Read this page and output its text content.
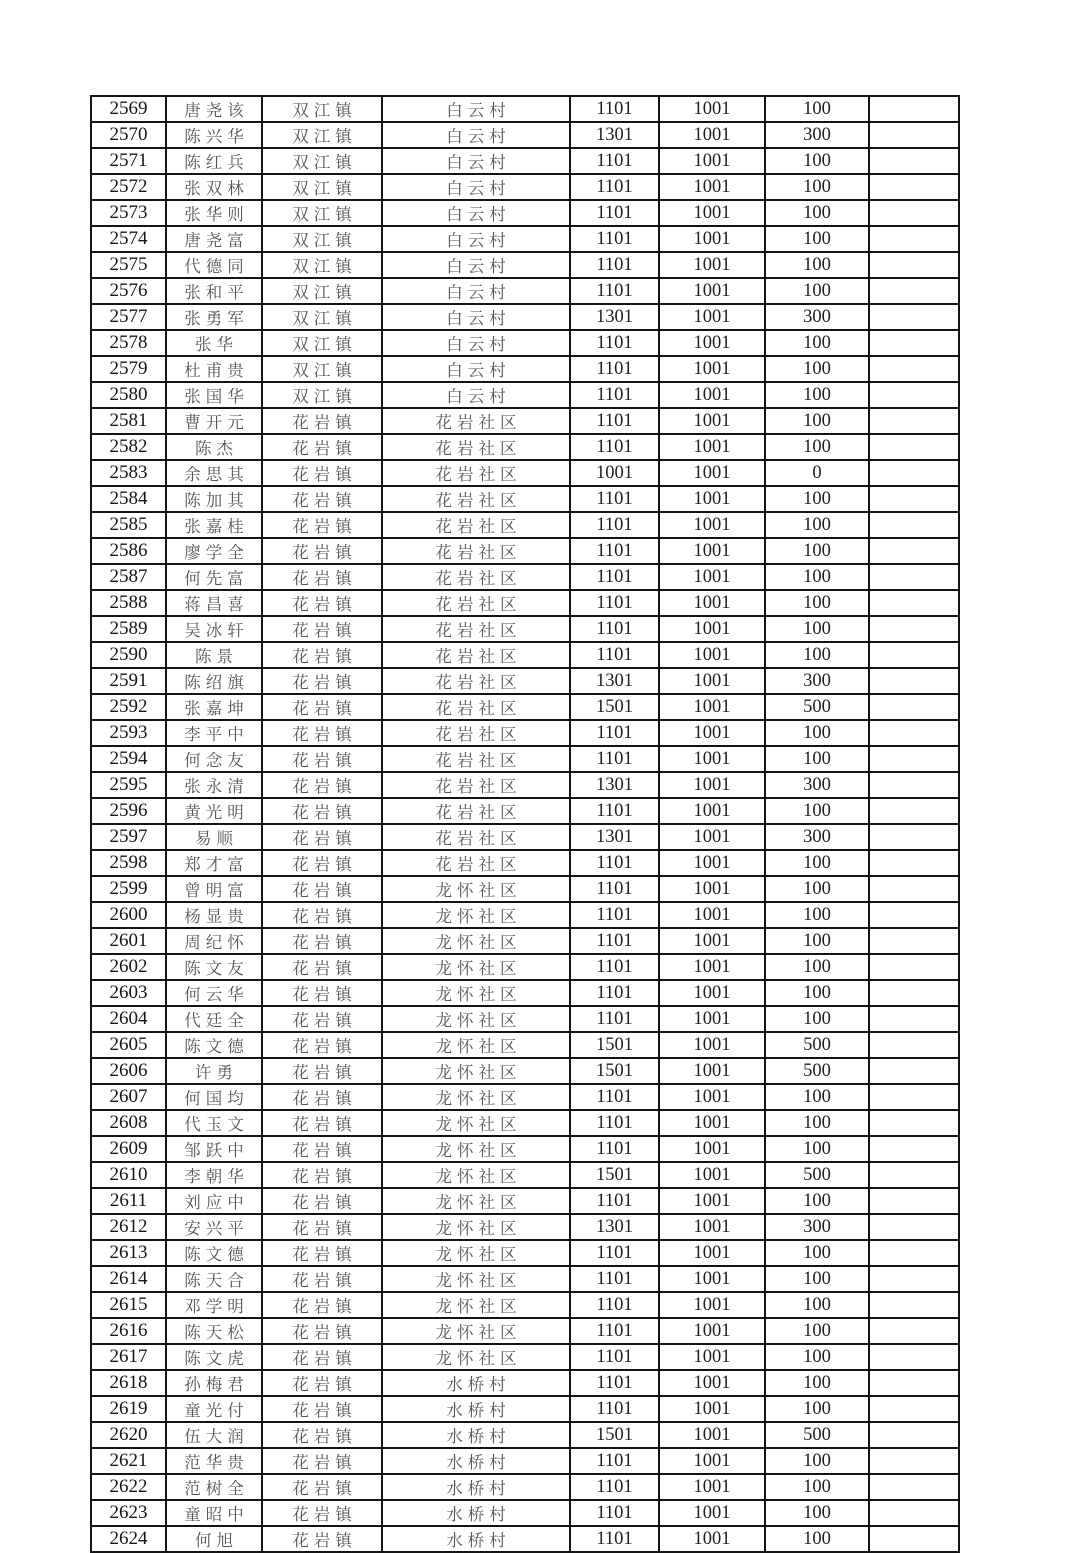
2569	唐尧该	双江镇	白云村	1101	1001	100	
2570	陈兴华	双江镇	白云村	1301	1001	300	
2571	陈红兵	双江镇	白云村	1101	1001	100	
2572	张双林	双江镇	白云村	1101	1001	100	
2573	张华则	双江镇	白云村	1101	1001	100	
2574	唐尧富	双江镇	白云村	1101	1001	100	
2575	代德同	双江镇	白云村	1101	1001	100	
2576	张和平	双江镇	白云村	1101	1001	100	
2577	张勇军	双江镇	白云村	1301	1001	300	
2578	张华	双江镇	白云村	1101	1001	100	
2579	杜甫贵	双江镇	白云村	1101	1001	100	
2580	张国华	双江镇	白云村	1101	1001	100	
2581	曹开元	花岩镇	花岩社区	1101	1001	100	
2582	陈杰	花岩镇	花岩社区	1101	1001	100	
2583	余思其	花岩镇	花岩社区	1001	1001	0	
2584	陈加其	花岩镇	花岩社区	1101	1001	100	
2585	张嘉桂	花岩镇	花岩社区	1101	1001	100	
2586	廖学全	花岩镇	花岩社区	1101	1001	100	
2587	何先富	花岩镇	花岩社区	1101	1001	100	
2588	蒋昌喜	花岩镇	花岩社区	1101	1001	100	
2589	吴冰轩	花岩镇	花岩社区	1101	1001	100	
2590	陈景	花岩镇	花岩社区	1101	1001	100	
2591	陈绍旗	花岩镇	花岩社区	1301	1001	300	
2592	张嘉坤	花岩镇	花岩社区	1501	1001	500	
2593	李平中	花岩镇	花岩社区	1101	1001	100	
2594	何念友	花岩镇	花岩社区	1101	1001	100	
2595	张永清	花岩镇	花岩社区	1301	1001	300	
2596	黄光明	花岩镇	花岩社区	1101	1001	100	
2597	易顺	花岩镇	花岩社区	1301	1001	300	
2598	郑才富	花岩镇	花岩社区	1101	1001	100	
2599	曾明富	花岩镇	龙怀社区	1101	1001	100	
2600	杨显贵	花岩镇	龙怀社区	1101	1001	100	
2601	周纪怀	花岩镇	龙怀社区	1101	1001	100	
2602	陈文友	花岩镇	龙怀社区	1101	1001	100	
2603	何云华	花岩镇	龙怀社区	1101	1001	100	
2604	代廷全	花岩镇	龙怀社区	1101	1001	100	
2605	陈文德	花岩镇	龙怀社区	1501	1001	500	
2606	许勇	花岩镇	龙怀社区	1501	1001	500	
2607	何国均	花岩镇	龙怀社区	1101	1001	100	
2608	代玉文	花岩镇	龙怀社区	1101	1001	100	
2609	邹跃中	花岩镇	龙怀社区	1101	1001	100	
2610	李朝华	花岩镇	龙怀社区	1501	1001	500	
2611	刘应中	花岩镇	龙怀社区	1101	1001	100	
2612	安兴平	花岩镇	龙怀社区	1301	1001	300	
2613	陈文德	花岩镇	龙怀社区	1101	1001	100	
2614	陈天合	花岩镇	龙怀社区	1101	1001	100	
2615	邓学明	花岩镇	龙怀社区	1101	1001	100	
2616	陈天松	花岩镇	龙怀社区	1101	1001	100	
2617	陈文虎	花岩镇	龙怀社区	1101	1001	100	
2618	孙梅君	花岩镇	水桥村	1101	1001	100	
2619	童光付	花岩镇	水桥村	1101	1001	100	
2620	伍大润	花岩镇	水桥村	1501	1001	500	
2621	范华贵	花岩镇	水桥村	1101	1001	100	
2622	范树全	花岩镇	水桥村	1101	1001	100	
2623	童昭中	花岩镇	水桥村	1101	1001	100	
2624	何旭	花岩镇	水桥村	1101	1001	100	
